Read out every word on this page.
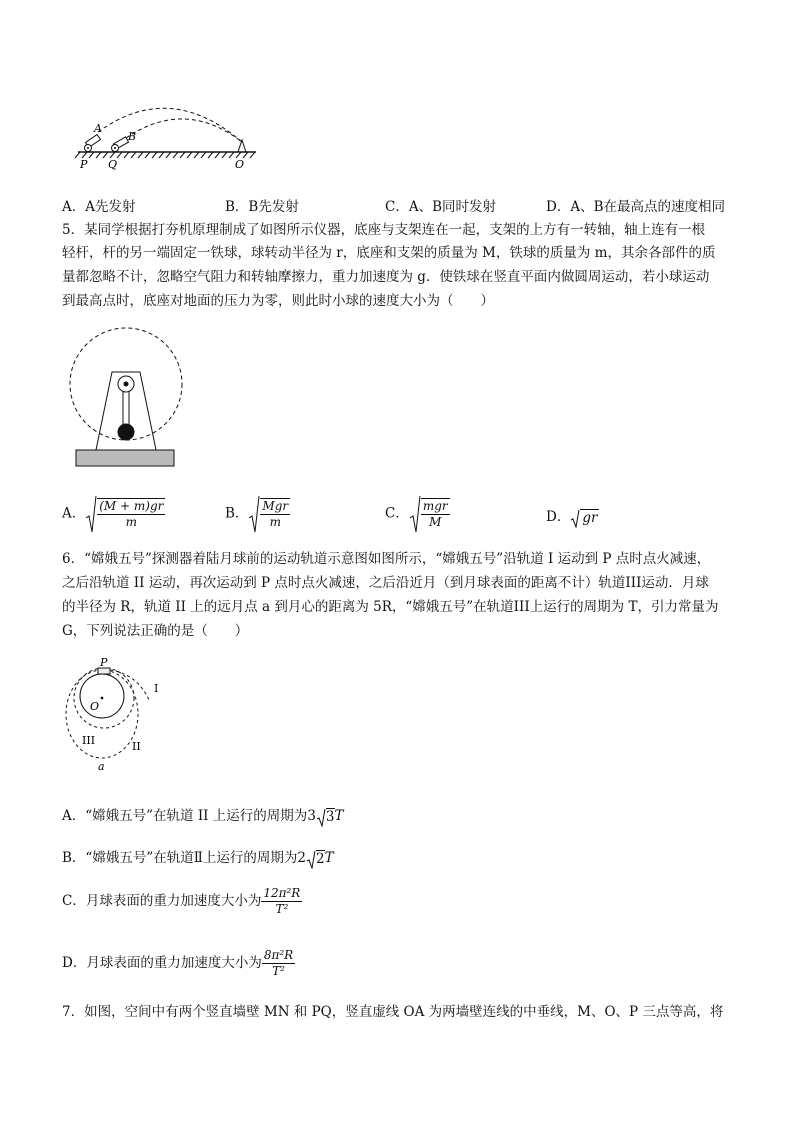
A
B
P Q	O
A．A先发射	B．B先发射	C．A、B同时发射	D．A、B在最高点的速度相同
5．某同学根据打夯机原理制成了如图所示仪器，底座与支架连在一起，支架的上方有一转轴，轴上连有一根
轻杆，杆的另一端固定一铁球，球转动半径为 r，底座和支架的质量为 M，铁球的质量为 m，其余各部件的质
量都忽略不计，忽略空气阻力和转轴摩擦力，重力加速度为 g．使铁球在竖直平面内做圆周运动，若小球运动
到最高点时，底座对地面的压力为零，则此时小球的速度大小为（　　）
A． $\frac{(M + m)gr}{m}$	B． $\frac{\text{Mgr}}{m}$	C． $\frac{\text{mgr}}{M}$	D． gr
6．“嫦娥五号”探测器着陆月球前的运动轨道示意图如图所示，“嫦娥五号”沿轨道 I 运动到 P 点时点火减速，
之后沿轨道 II 运动，再次运动到 P 点时点火减速，之后沿近月（到月球表面的距离不计）轨道III运动．月球
的半径为 R，轨道 II 上的远月点 a 到月心的距离为 5R，“嫦娥五号”在轨道III上运行的周期为 T，引力常量为
G，下列说法正确的是（　　）
P
I
O
III	II
a
A．“嫦娥五号”在轨道 II 上运行的周期为3 3 T
B．“嫦娥五号”在轨道Ⅱ上运行的周期为2 2 T
C．月球表面的重力加速度大小为 $\frac{\text{12π²R}}{\text{T²}}$
D．月球表面的重力加速度大小为 $\frac{\text{8π²R}}{\text{T²}}$
7．如图，空间中有两个竖直墙壁 MN 和 PQ，竖直虚线 OA 为两墙壁连线的中垂线，M、O、P 三点等高，将
